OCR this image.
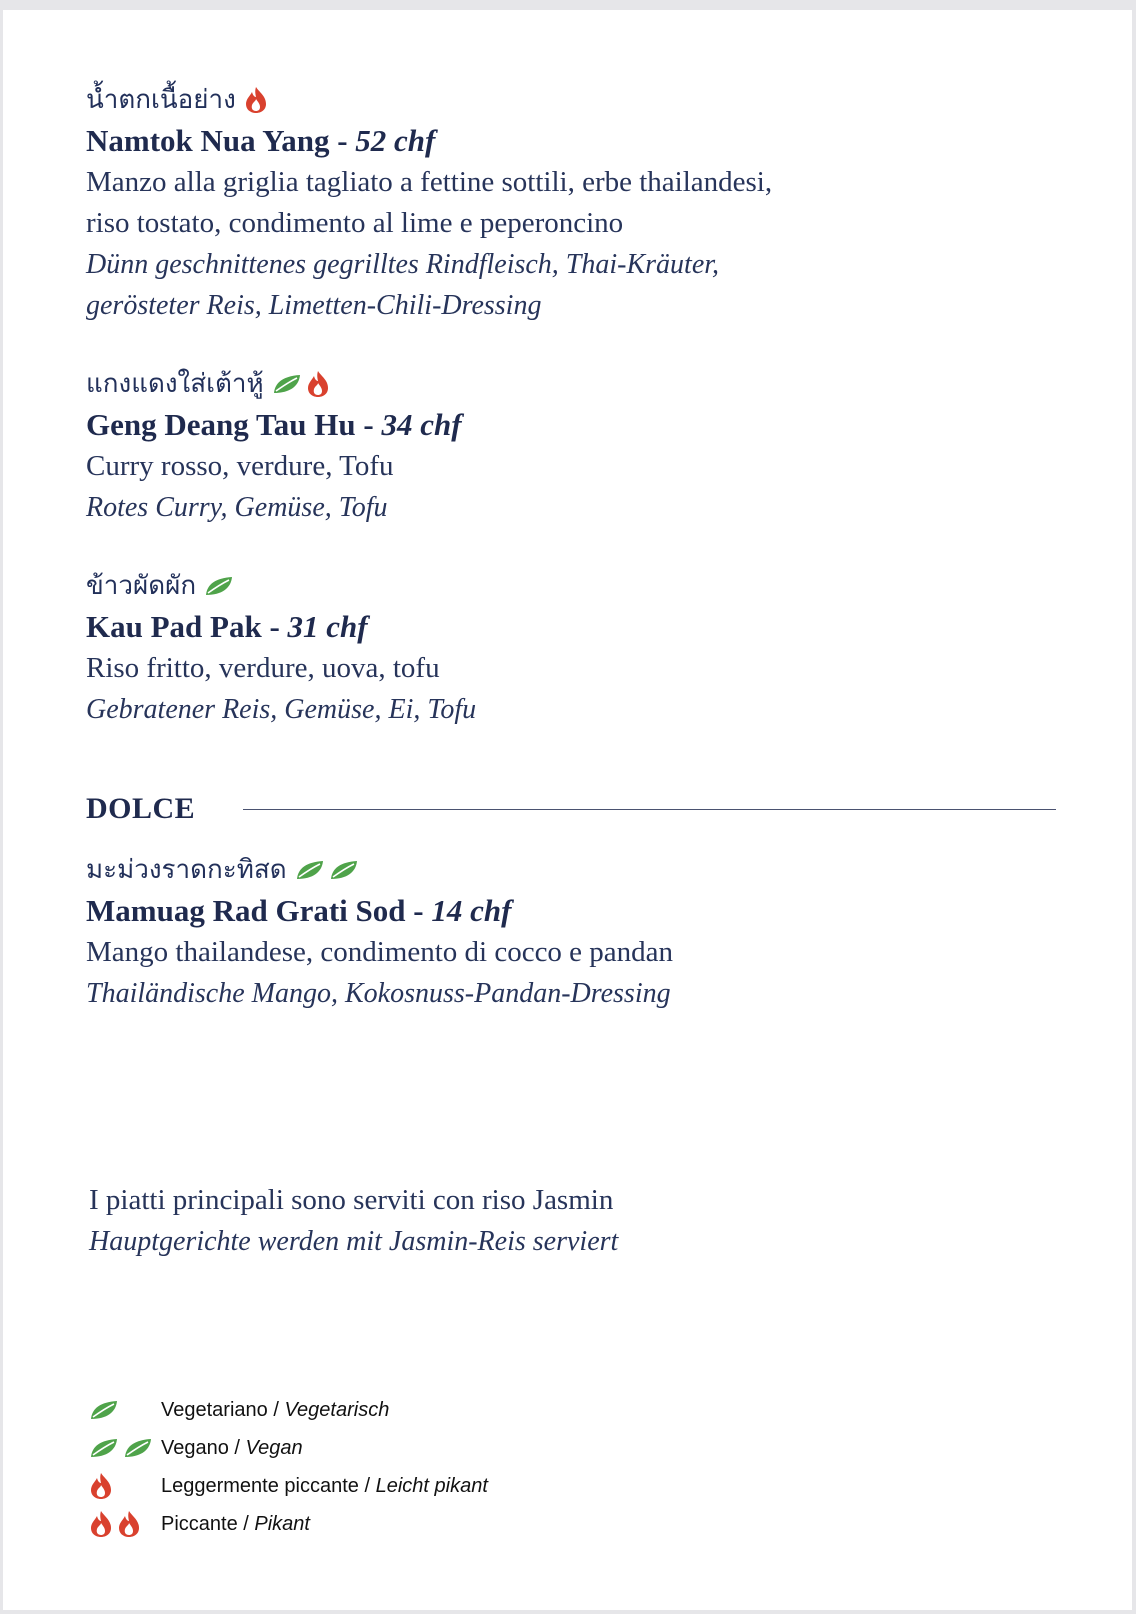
น้ำตกเนื้อย่าง
Namtok Nua Yang - 52 chf
Manzo alla griglia tagliato a fettine sottili, erbe thailandesi,
riso tostato, condimento al lime e peperoncino
Dünn geschnittenes gegrilltes Rindfleisch, Thai-Kräuter,
gerösteter Reis, Limetten-Chili-Dressing
แกงแดงใส่เต้าหู้
Geng Deang Tau Hu - 34 chf
Curry rosso, verdure, Tofu
Rotes Curry, Gemüse, Tofu
ข้าวผัดผัก
Kau Pad Pak - 31 chf
Riso fritto, verdure, uova, tofu
Gebratener Reis, Gemüse, Ei, Tofu
DOLCE
มะม่วงราดกะทิสด
Mamuag Rad Grati Sod - 14 chf
Mango thailandese, condimento di cocco e pandan
Thailändische Mango, Kokosnuss-Pandan-Dressing
I piatti principali sono serviti con riso Jasmin
Hauptgerichte werden mit Jasmin-Reis serviert
Vegetariano / Vegetarisch
Vegano / Vegan
Leggermente piccante / Leicht pikant
Piccante / Pikant
